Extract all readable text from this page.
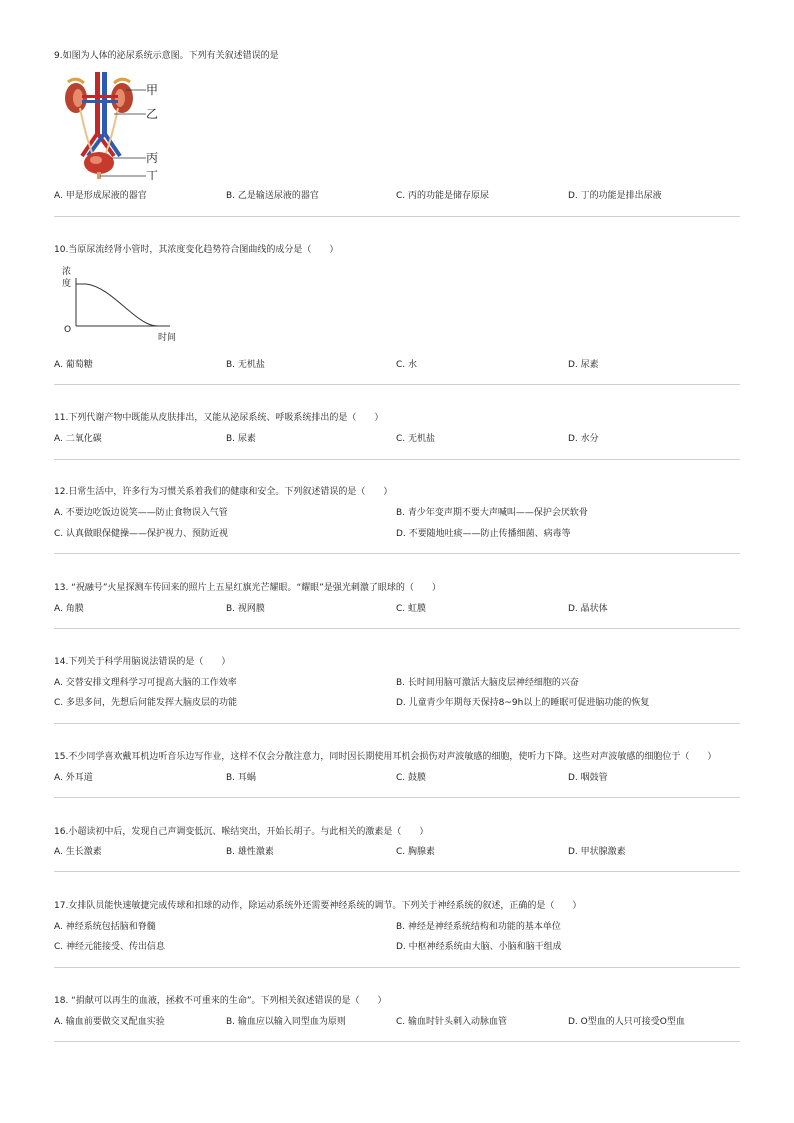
9.如图为人体的泌尿系统示意图。下列有关叙述错误的是
甲
乙
丙
丁
A. 甲是形成尿液的器官	B. 乙是输送尿液的器官	C. 丙的功能是储存原尿	D. 丁的功能是排出尿液
10.当原尿流经肾小管时，其浓度变化趋势符合图曲线的成分是（　　）
浓
度
O
时间
A. 葡萄糖	B. 无机盐	C. 水	D. 尿素
11.下列代谢产物中既能从皮肤排出，又能从泌尿系统、呼吸系统排出的是（　　）
A. 二氧化碳	B. 尿素	C. 无机盐	D. 水分
12.日常生活中，许多行为习惯关系着我们的健康和安全。下列叙述错误的是（　　）
A. 不要边吃饭边说笑——防止食物误入气管	B. 青少年变声期不要大声喊叫——保护会厌软骨
C. 认真做眼保健操——保护视力、预防近视	D. 不要随地吐痰——防止传播细菌、病毒等
13. “祝融号”火星探测车传回来的照片上五星红旗光芒耀眼。“耀眼”是强光刺激了眼球的（　　）
A. 角膜	B. 视网膜	C. 虹膜	D. 晶状体
14.下列关于科学用脑说法错误的是（　　）
A. 交替安排文理科学习可提高大脑的工作效率	B. 长时间用脑可激活大脑皮层神经细胞的兴奋
C. 多思多问，先想后问能发挥大脑皮层的功能	D. 儿童青少年期每天保持8~9h以上的睡眠可促进脑功能的恢复
15.不少同学喜欢戴耳机边听音乐边写作业，这样不仅会分散注意力，同时因长期使用耳机会损伤对声波敏感的细胞，使听力下降。这些对声波敏感的细胞位于（　　）
A. 外耳道	B. 耳蜗	C. 鼓膜	D. 咽鼓管
16.小超读初中后，发现自己声调变低沉、喉结突出，开始长胡子。与此相关的激素是（　　）
A. 生长激素	B. 雄性激素	C. 胸腺素	D. 甲状腺激素
17.女排队员能快速敏捷完成传球和扣球的动作，除运动系统外还需要神经系统的调节。下列关于神经系统的叙述，正确的是（　　）
A. 神经系统包括脑和脊髓	B. 神经是神经系统结构和功能的基本单位
C. 神经元能接受、传出信息	D. 中枢神经系统由大脑、小脑和脑干组成
18. “捐献可以再生的血液，拯救不可重来的生命”。下列相关叙述错误的是（　　）
A. 输血前要做交叉配血实验	B. 输血应以输入同型血为原则	C. 输血时针头刺入动脉血管	D. O型血的人只可接受O型血
